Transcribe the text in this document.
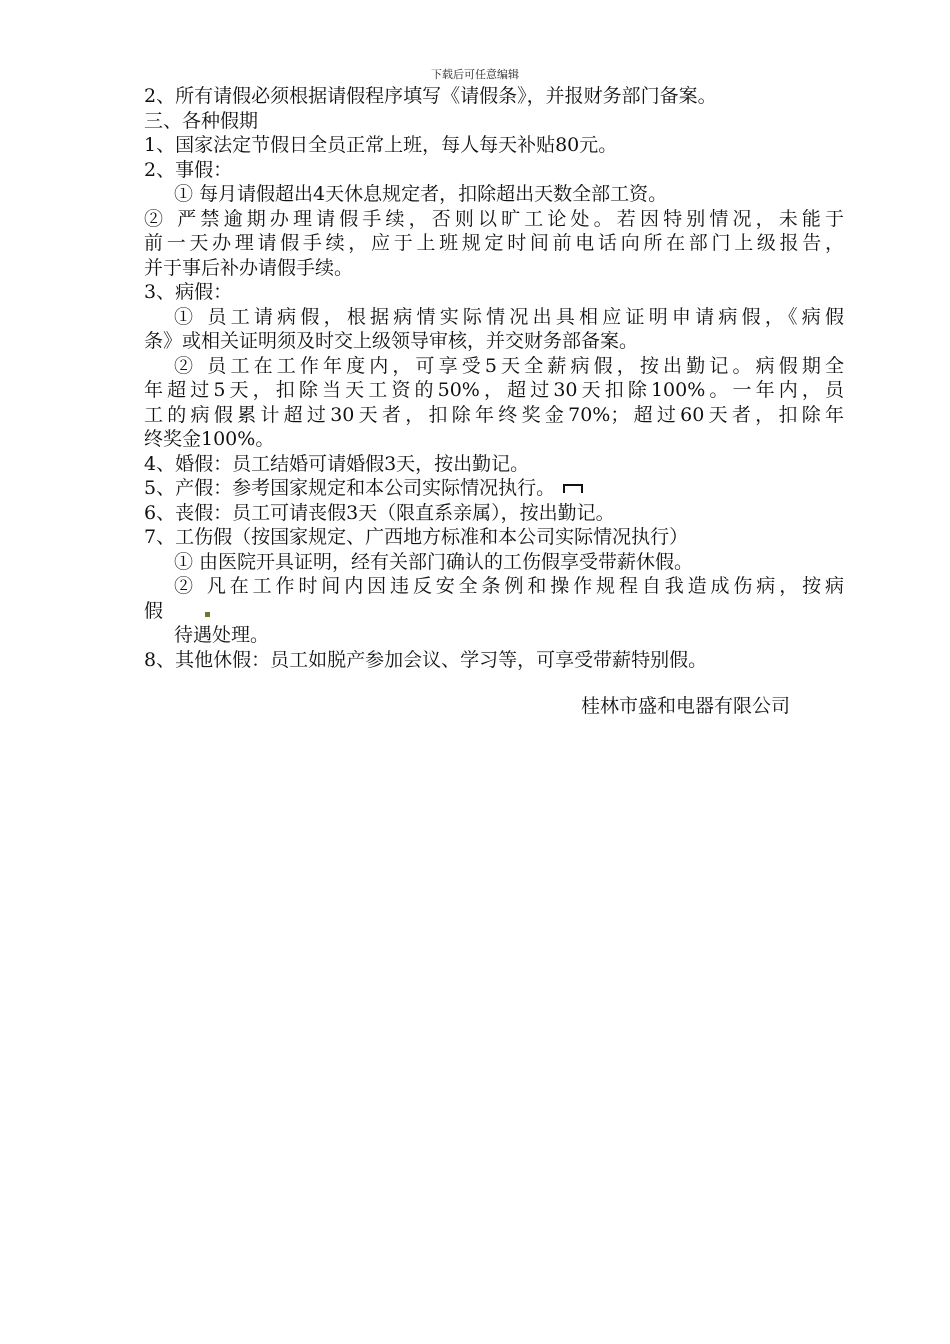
下载后可任意编辑
2、所有请假必须根据请假程序填写《请假条》，并报财务部门备案。
三、各种假期
1、国家法定节假日全员正常上班，每人每天补贴80元。
2、事假：
① 每月请假超出4天休息规定者，扣除超出天数全部工资。
② 严禁逾期办理请假手续，否则以旷工论处。若因特别情况，未能于
前一天办理请假手续，应于上班规定时间前电话向所在部门上级报告，
并于事后补办请假手续。
3、病假：
① 员工请病假，根据病情实际情况出具相应证明申请病假，《病假
条》或相关证明须及时交上级领导审核，并交财务部备案。
② 员工在工作年度内，可享受5天全薪病假，按出勤记。病假期全
年超过5天，扣除当天工资的50%，超过30天扣除100%。一年内，员
工的病假累计超过30天者，扣除年终奖金70%；超过60天者，扣除年
终奖金100%。
4、婚假：员工结婚可请婚假3天，按出勤记。
5、产假：参考国家规定和本公司实际情况执行。
6、丧假：员工可请丧假3天（限直系亲属），按出勤记。
7、工伤假（按国家规定、广西地方标准和本公司实际情况执行）
① 由医院开具证明，经有关部门确认的工伤假享受带薪休假。
② 凡在工作时间内因违反安全条例和操作规程自我造成伤病，按病
假
待遇处理。
8、其他休假：员工如脱产参加会议、学习等，可享受带薪特别假。
桂林市盛和电器有限公司
